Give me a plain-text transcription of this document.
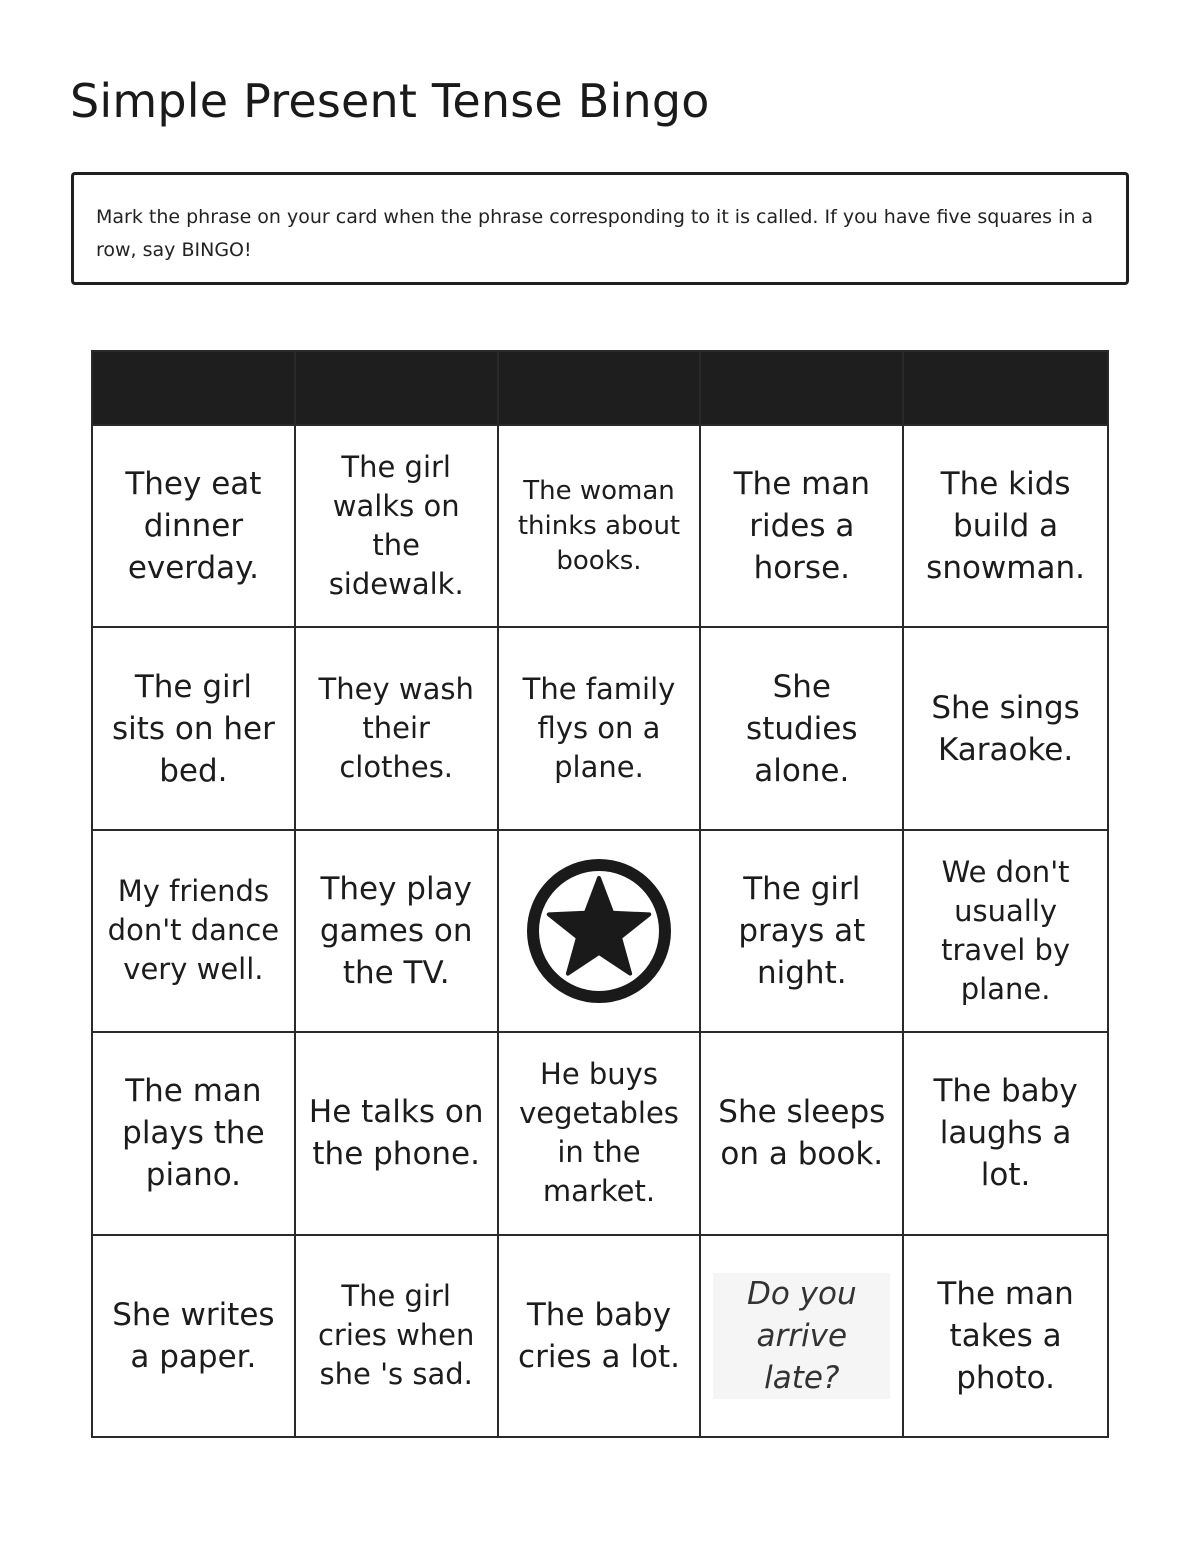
Simple Present Tense Bingo
Mark the phrase on your card when the phrase corresponding to it is called. If you have five squares in a row, say BINGO!
They eat dinner everday.
The girl walks on the sidewalk.
The woman thinks about books.
The man rides a horse.
The kids build a snowman.
The girl sits on her bed.
They wash their clothes.
The family flys on a plane.
She studies alone.
She sings Karaoke.
My friends don't dance very well.
They play games on the TV.
The girl prays at night.
We don't usually travel by plane.
The man plays the piano.
He talks on the phone.
He buys vegetables in the market.
She sleeps on a book.
The baby laughs a lot.
She writes a paper.
The girl cries when she 's sad.
The baby cries a lot.
Do you arrive late?
The man takes a photo.
